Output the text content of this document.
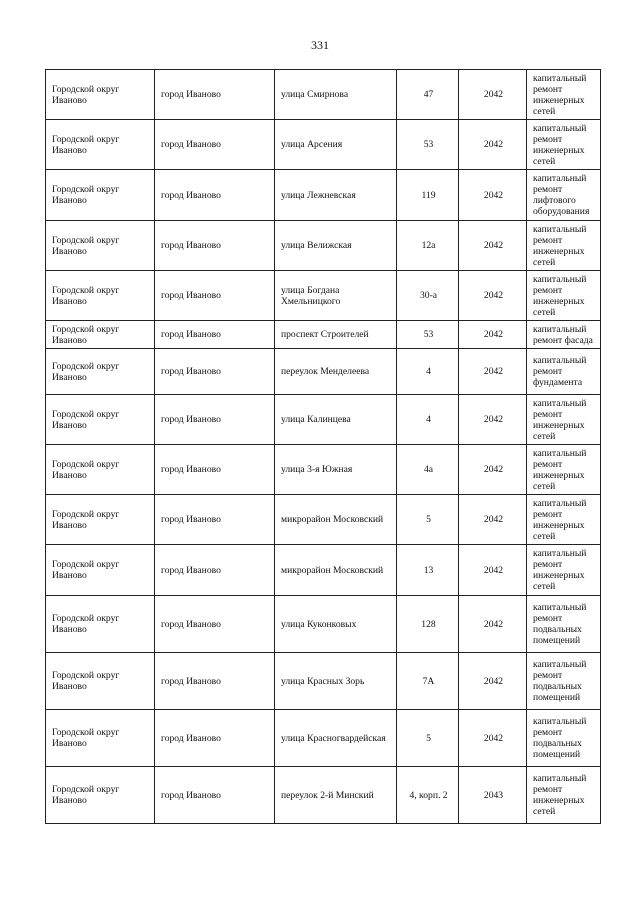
331
Городской округ Иваново	город Иваново	улица Смирнова	47	2042	капитальный ремонт инженерных сетей
Городской округ Иваново	город Иваново	улица Арсения	53	2042	капитальный ремонт инженерных сетей
Городской округ Иваново	город Иваново	улица Лежневская	119	2042	капитальный ремонт лифтового оборудования
Городской округ Иваново	город Иваново	улица Велижская	12а	2042	капитальный ремонт инженерных сетей
Городской округ Иваново	город Иваново	улица Богдана Хмельницкого	30-а	2042	капитальный ремонт инженерных сетей
Городской округ Иваново	город Иваново	проспект Строителей	53	2042	капитальный ремонт фасада
Городской округ Иваново	город Иваново	переулок Менделеева	4	2042	капитальный ремонт фундамента
Городской округ Иваново	город Иваново	улица Калинцева	4	2042	капитальный ремонт инженерных сетей
Городской округ Иваново	город Иваново	улица 3-я Южная	4а	2042	капитальный ремонт инженерных сетей
Городской округ Иваново	город Иваново	микрорайон Московский	5	2042	капитальный ремонт инженерных сетей
Городской округ Иваново	город Иваново	микрорайон Московский	13	2042	капитальный ремонт инженерных сетей
Городской округ Иваново	город Иваново	улица Куконковых	128	2042	капитальный ремонт подвальных помещений
Городской округ Иваново	город Иваново	улица Красных Зорь	7А	2042	капитальный ремонт подвальных помещений
Городской округ Иваново	город Иваново	улица Красногвардейская	5	2042	капитальный ремонт подвальных помещений
Городской округ Иваново	город Иваново	переулок 2-й Минский	4, корп. 2	2043	капитальный ремонт инженерных сетей
